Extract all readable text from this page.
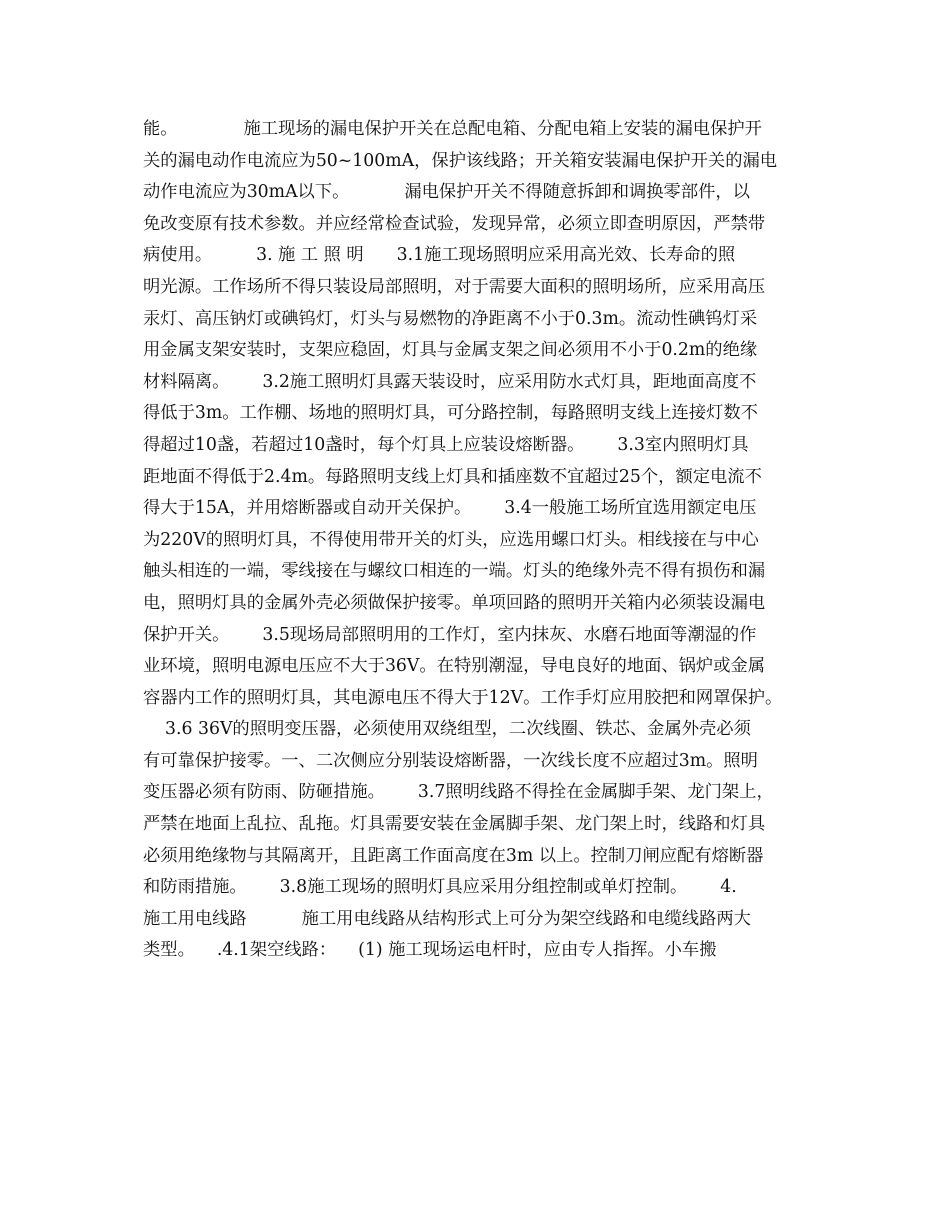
能。            施工现场的漏电保护开关在总配电箱、分配电箱上安装的漏电保护开
关的漏电动作电流应为50~100mA，保护该线路；开关箱安装漏电保护开关的漏电
动作电流应为30mA以下。          漏电保护开关不得随意拆卸和调换零部件，以
免改变原有技术参数。并应经常检查试验，发现异常，必须立即查明原因，严禁带
病使用。        3. 施 工 照 明      3.1施工现场照明应采用高光效、长寿命的照
明光源。工作场所不得只装设局部照明，对于需要大面积的照明场所，应采用高压
汞灯、高压钠灯或碘钨灯，灯头与易燃物的净距离不小于0.3m。流动性碘钨灯采
用金属支架安装时，支架应稳固，灯具与金属支架之间必须用不小于0.2m的绝缘
材料隔离。      3.2施工照明灯具露天装设时，应采用防水式灯具，距地面高度不
得低于3m。工作棚、场地的照明灯具，可分路控制，每路照明支线上连接灯数不
得超过10盏，若超过10盏时，每个灯具上应装设熔断器。      3.3室内照明灯具
距地面不得低于2.4m。每路照明支线上灯具和插座数不宜超过25个，额定电流不
得大于15A，并用熔断器或自动开关保护。      3.4一般施工场所宜选用额定电压
为220V的照明灯具，不得使用带开关的灯头，应选用螺口灯头。相线接在与中心
触头相连的一端，零线接在与螺纹口相连的一端。灯头的绝缘外壳不得有损伤和漏
电，照明灯具的金属外壳必须做保护接零。单项回路的照明开关箱内必须装设漏电
保护开关。      3.5现场局部照明用的工作灯，室内抹灰、水磨石地面等潮湿的作
业环境，照明电源电压应不大于36V。在特别潮湿，导电良好的地面、锅炉或金属
容器内工作的照明灯具，其电源电压不得大于12V。工作手灯应用胶把和网罩保护。
3.6 36V的照明变压器，必须使用双绕组型，二次线圈、铁芯、金属外壳必须
有可靠保护接零。一、二次侧应分别装设熔断器，一次线长度不应超过3m。照明
变压器必须有防雨、防砸措施。      3.7照明线路不得拴在金属脚手架、龙门架上，
严禁在地面上乱拉、乱拖。灯具需要安装在金属脚手架、龙门架上时，线路和灯具
必须用绝缘物与其隔离开，且距离工作面高度在3m 以上。控制刀闸应配有熔断器
和防雨措施。      3.8施工现场的照明灯具应采用分组控制或单灯控制。      4.
施工用电线路          施工用电线路从结构形式上可分为架空线路和电缆线路两大
类型。    .4.1架空线路：    (1) 施工现场运电杆时，应由专人指挥。小车搬
